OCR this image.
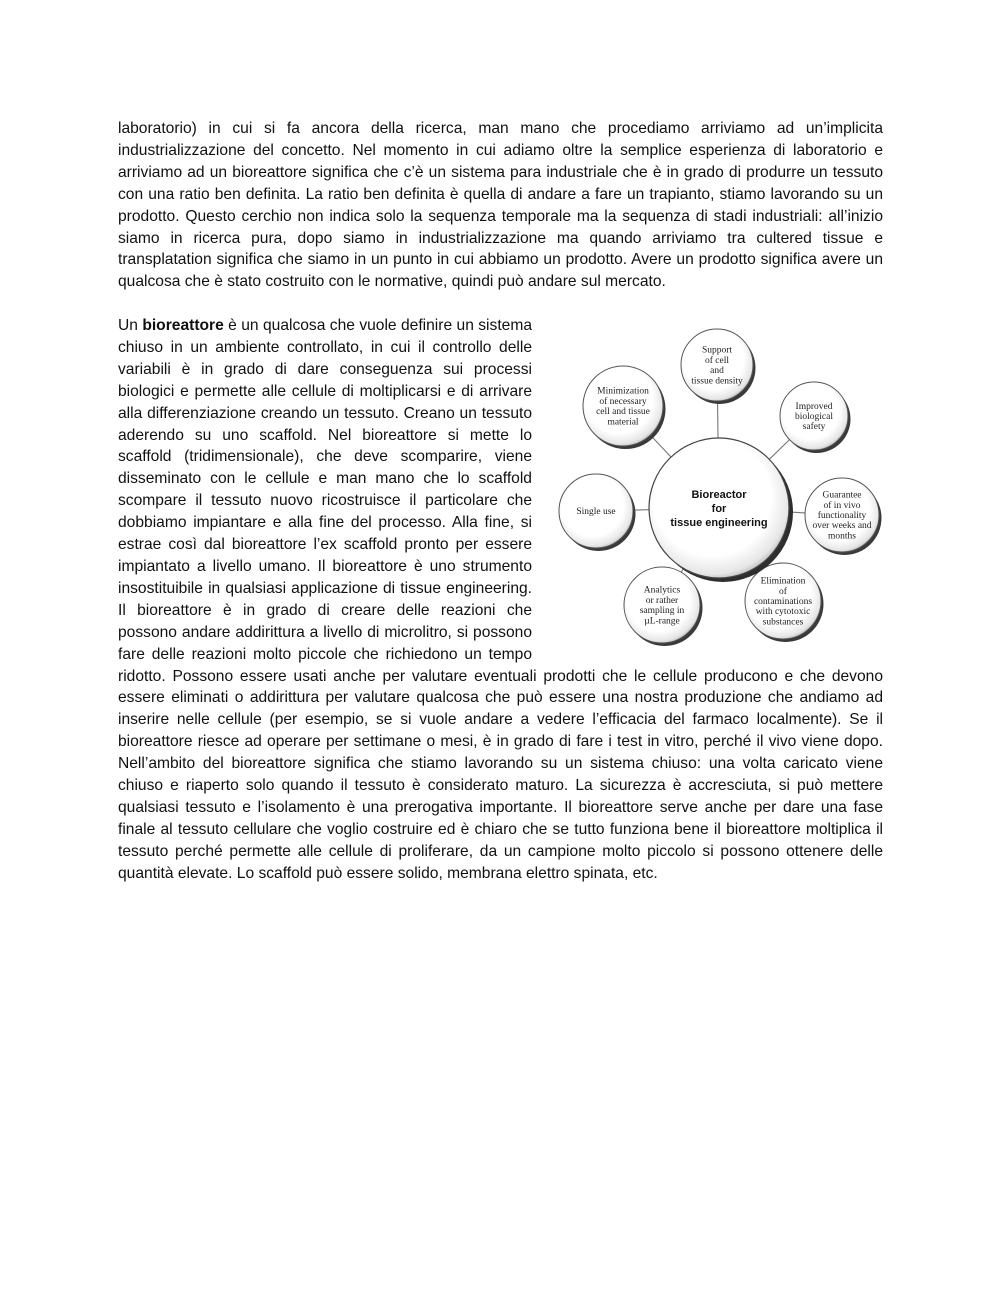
laboratorio) in cui si fa ancora della ricerca, man mano che procediamo arriviamo ad un’implicita industrializzazione del concetto. Nel momento in cui adiamo oltre la semplice esperienza di laboratorio e arriviamo ad un bioreattore significa che c’è un sistema para industriale che è in grado di produrre un tessuto con una ratio ben definita. La ratio ben definita è quella di andare a fare un trapianto, stiamo lavorando su un prodotto. Questo cerchio non indica solo la sequenza temporale ma la sequenza di stadi industriali: all’inizio siamo in ricerca pura, dopo siamo in industrializzazione ma quando arriviamo tra cultered tissue e transplatation significa che siamo in un punto in cui abbiamo un prodotto. Avere un prodotto significa avere un qualcosa che è stato costruito con le normative, quindi può andare sul mercato.
Support of cell and tissue density
Improved biological safety
Guarantee of in vivo functionality over weeks and months
Elimination of contaminations with cytotoxic substances
Analytics or rather sampling in µL-range
Single use
Minimization of necessary cell and tissue material
Bioreactor for tissue engineering
Un bioreattore è un qualcosa che vuole definire un sistema chiuso in un ambiente controllato, in cui il controllo delle variabili è in grado di dare conseguenza sui processi biologici e permette alle cellule di moltiplicarsi e di arrivare alla differenziazione creando un tessuto. Creano un tessuto aderendo su uno scaffold. Nel bioreattore si mette lo scaffold (tridimensionale), che deve scomparire, viene disseminato con le cellule e man mano che lo scaffold scompare il tessuto nuovo ricostruisce il particolare che dobbiamo impiantare e alla fine del processo. Alla fine, si estrae così dal bioreattore l’ex scaffold pronto per essere impiantato a livello umano. Il bioreattore è uno strumento insostituibile in qualsiasi applicazione di tissue engineering. Il bioreattore è in grado di creare delle reazioni che possono andare addirittura a livello di microlitro, si possono fare delle reazioni molto piccole che richiedono un tempo ridotto. Possono essere usati anche per valutare eventuali prodotti che le cellule producono e che devono essere eliminati o addirittura per valutare qualcosa che può essere una nostra produzione che andiamo ad inserire nelle cellule (per esempio, se si vuole andare a vedere l’efficacia del farmaco localmente). Se il bioreattore riesce ad operare per settimane o mesi, è in grado di fare i test in vitro, perché il vivo viene dopo. Nell’ambito del bioreattore significa che stiamo lavorando su un sistema chiuso: una volta caricato viene chiuso e riaperto solo quando il tessuto è considerato maturo. La sicurezza è accresciuta, si può mettere qualsiasi tessuto e l’isolamento è una prerogativa importante. Il bioreattore serve anche per dare una fase finale al tessuto cellulare che voglio costruire ed è chiaro che se tutto funziona bene il bioreattore moltiplica il tessuto perché permette alle cellule di proliferare, da un campione molto piccolo si possono ottenere delle quantità elevate. Lo scaffold può essere solido, membrana elettro spinata, etc.
